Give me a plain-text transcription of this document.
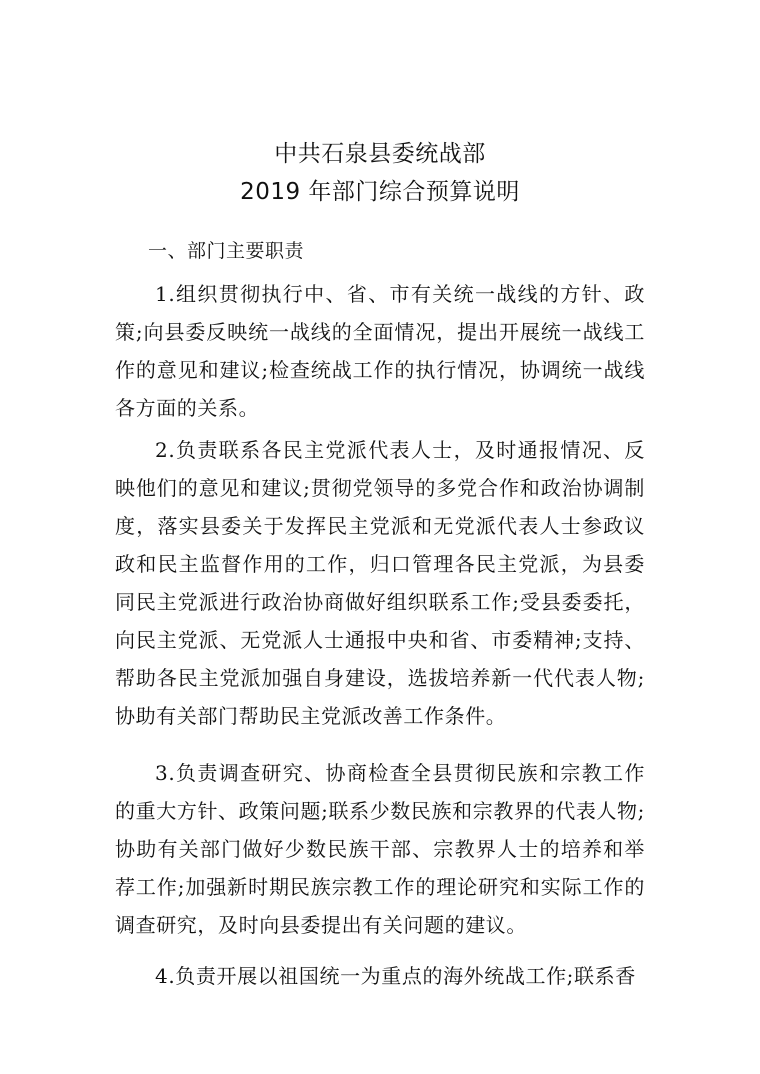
中共石泉县委统战部
2019 年部门综合预算说明
一、部门主要职责

1.组织贯彻执行中、省、市有关统一战线的方针、政策;向县委反映统一战线的全面情况，提出开展统一战线工作的意见和建议;检查统战工作的执行情况，协调统一战线各方面的关系。

2.负责联系各民主党派代表人士，及时通报情况、反映他们的意见和建议;贯彻党领导的多党合作和政治协调制度，落实县委关于发挥民主党派和无党派代表人士参政议政和民主监督作用的工作，归口管理各民主党派，为县委同民主党派进行政治协商做好组织联系工作;受县委委托，向民主党派、无党派人士通报中央和省、市委精神;支持、帮助各民主党派加强自身建设，选拔培养新一代代表人物;协助有关部门帮助民主党派改善工作条件。

3.负责调查研究、协商检查全县贯彻民族和宗教工作的重大方针、政策问题;联系少数民族和宗教界的代表人物;协助有关部门做好少数民族干部、宗教界人士的培养和举荐工作;加强新时期民族宗教工作的理论研究和实际工作的调查研究，及时向县委提出有关问题的建议。

4.负责开展以祖国统一为重点的海外统战工作;联系香
